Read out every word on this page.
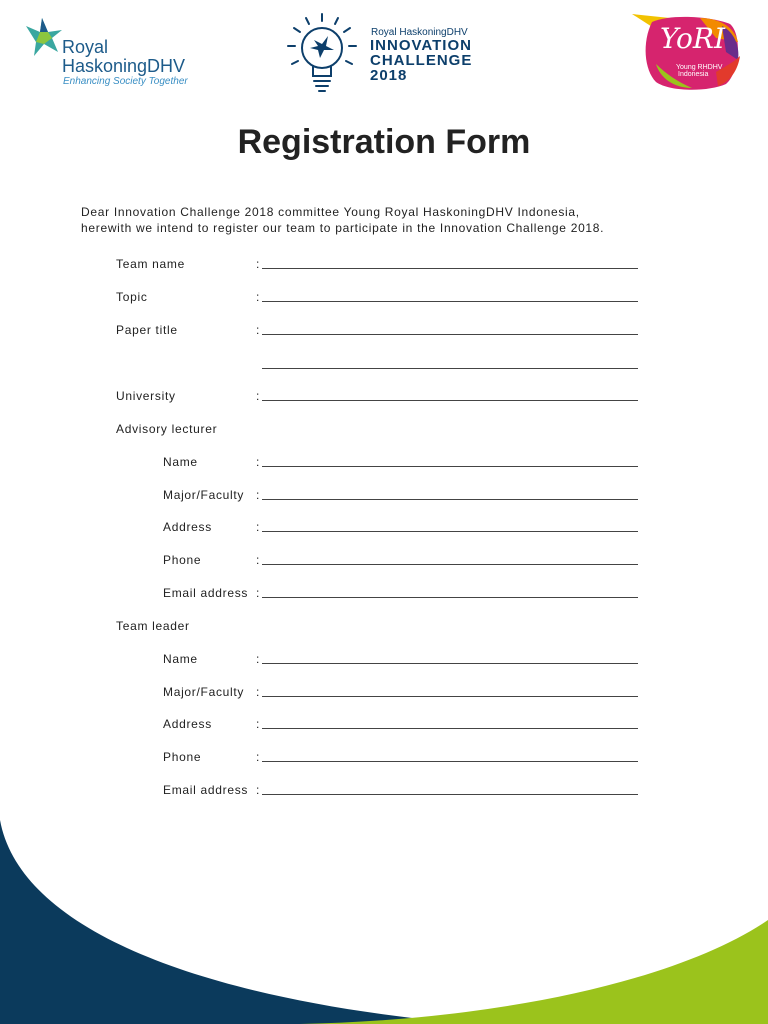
Royal
HaskoningDHV
Enhancing Society Together
Royal HaskoningDHV
INNOVATION
CHALLENGE
2018
YoRI
Young RHDHV
Indonesia
Registration Form
Dear Innovation Challenge 2018 committee Young Royal HaskoningDHV Indonesia,
herewith we intend to register our team to participate in the Innovation Challenge 2018.
Team name	:
Topic	:
Paper title	:
University	:
Advisory lecturer
Name	:
Major/Faculty :
Address	:
Phone	:
Email address :
Team leader
Name	:
Major/Faculty :
Address	:
Phone	:
Email address :
